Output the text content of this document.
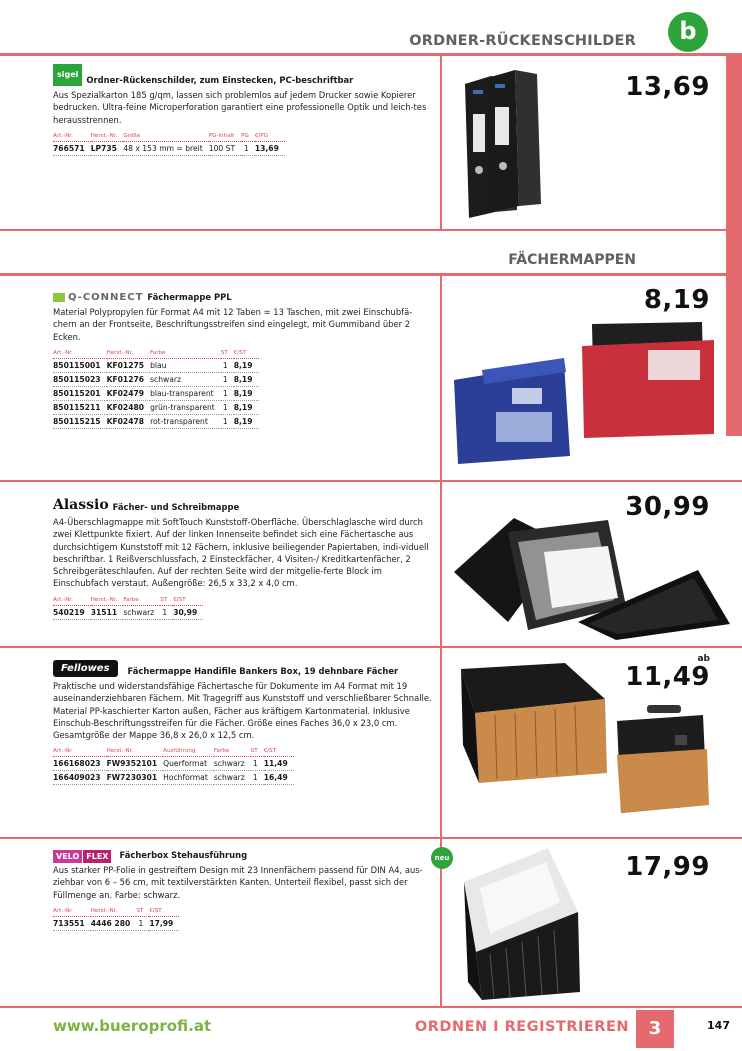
ORDNER-RÜCKENSCHILDER	b
FÄCHERMAPPEN
sigel
Ordner-Rückenschilder, zum Einstecken, PC-beschriftbar
Aus Spezialkarton 185 g/qm, lassen sich problemlos auf jedem Drucker sowie Kopierer bedrucken. Ultra-feine Microperforation garantiert eine professionelle Optik und leich-tes herausstrennen.
Art.-Nr.	Herst.-Nr.	Größe	PG-Inhalt	PG	€/PG
766571	LP735	48 x 153 mm = breit	100 ST	1	13,69
13,69
Q-CONNECT Fächermappe PPL
Material Polypropylen für Format A4 mit 12 Taben = 13 Taschen, mit zwei Einschubfä-chern an der Frontseite, Beschriftungsstreifen sind eingelegt, mit Gummiband über 2 Ecken.
Art.-Nr.	Herst.-Nr.	Farbe	ST	€/ST
850115001	KF01275	blau	1	8,19
850115023	KF01276	schwarz	1	8,19
850115201	KF02479	blau-transparent	1	8,19
850115211	KF02480	grün-transparent	1	8,19
850115215	KF02478	rot-transparent	1	8,19
8,19
Alassio Fächer- und Schreibmappe
A4-Überschlagmappe mit SoftTouch Kunststoff-Oberfläche. Überschlaglasche wird durch zwei Klettpunkte fixiert. Auf der linken Innenseite befindet sich eine Fächertasche aus durchsichtigem Kunststoff mit 12 Fächern, inklusive beiliegender Papiertaben, indi-viduell beschriftbar. 1 Reißverschlussfach, 2 Einsteckfächer, 4 Visiten-/ Kreditkartenfächer, 2 Schreibgeräteschlaufen. Auf der rechten Seite wird der mitgelie-ferte Block im Einschubfach verstaut. Außengröße: 26,5 x 33,2 x 4,0 cm.
Art.-Nr.	Herst.-Nr.	Farbe	ST	€/ST
540219	31511	schwarz	1	30,99
30,99
Fellowes	Fächermappe Handifile Bankers Box, 19 dehnbare Fächer
Praktische und widerstandsfähige Fächertasche für Dokumente im A4 Format mit 19 auseinanderziehbaren Fächern. Mit Tragegriff aus Kunststoff und verschließbarer Schnalle. Material PP-kaschierter Karton außen, Fächer aus kräftigem Kartonmaterial. Inklusive Einschub-Beschriftungsstreifen für die Fächer. Größe eines Faches 36,0 x 23,0 cm. Gesamtgröße der Mappe 36,8 x 26,0 x 12,5 cm.
Art.-Nr.	Herst.-Nr.	Ausführung	Farbe	ST	€/ST
166168023	FW9352101	Querformat	schwarz	1	11,49
166409023	FW7230301	Hochformat	schwarz	1	16,49
ab
11,49
VELO FLEX	Fächerbox Stehausführung
Aus starker PP-Folie in gestreiftem Design mit 23 Innenfächern passend für DIN A4, aus-ziehbar von 6 – 56 cm, mit textilverstärkten Kanten. Unterteil flexibel, passt sich der Füllmenge an. Farbe: schwarz.
Art.-Nr.	Herst.-Nr.	ST	€/ST
713551	4446 280	1	17,99
neu	17,99
www.bueroprofi.at	ORDNEN I REGISTRIEREN	3	147
